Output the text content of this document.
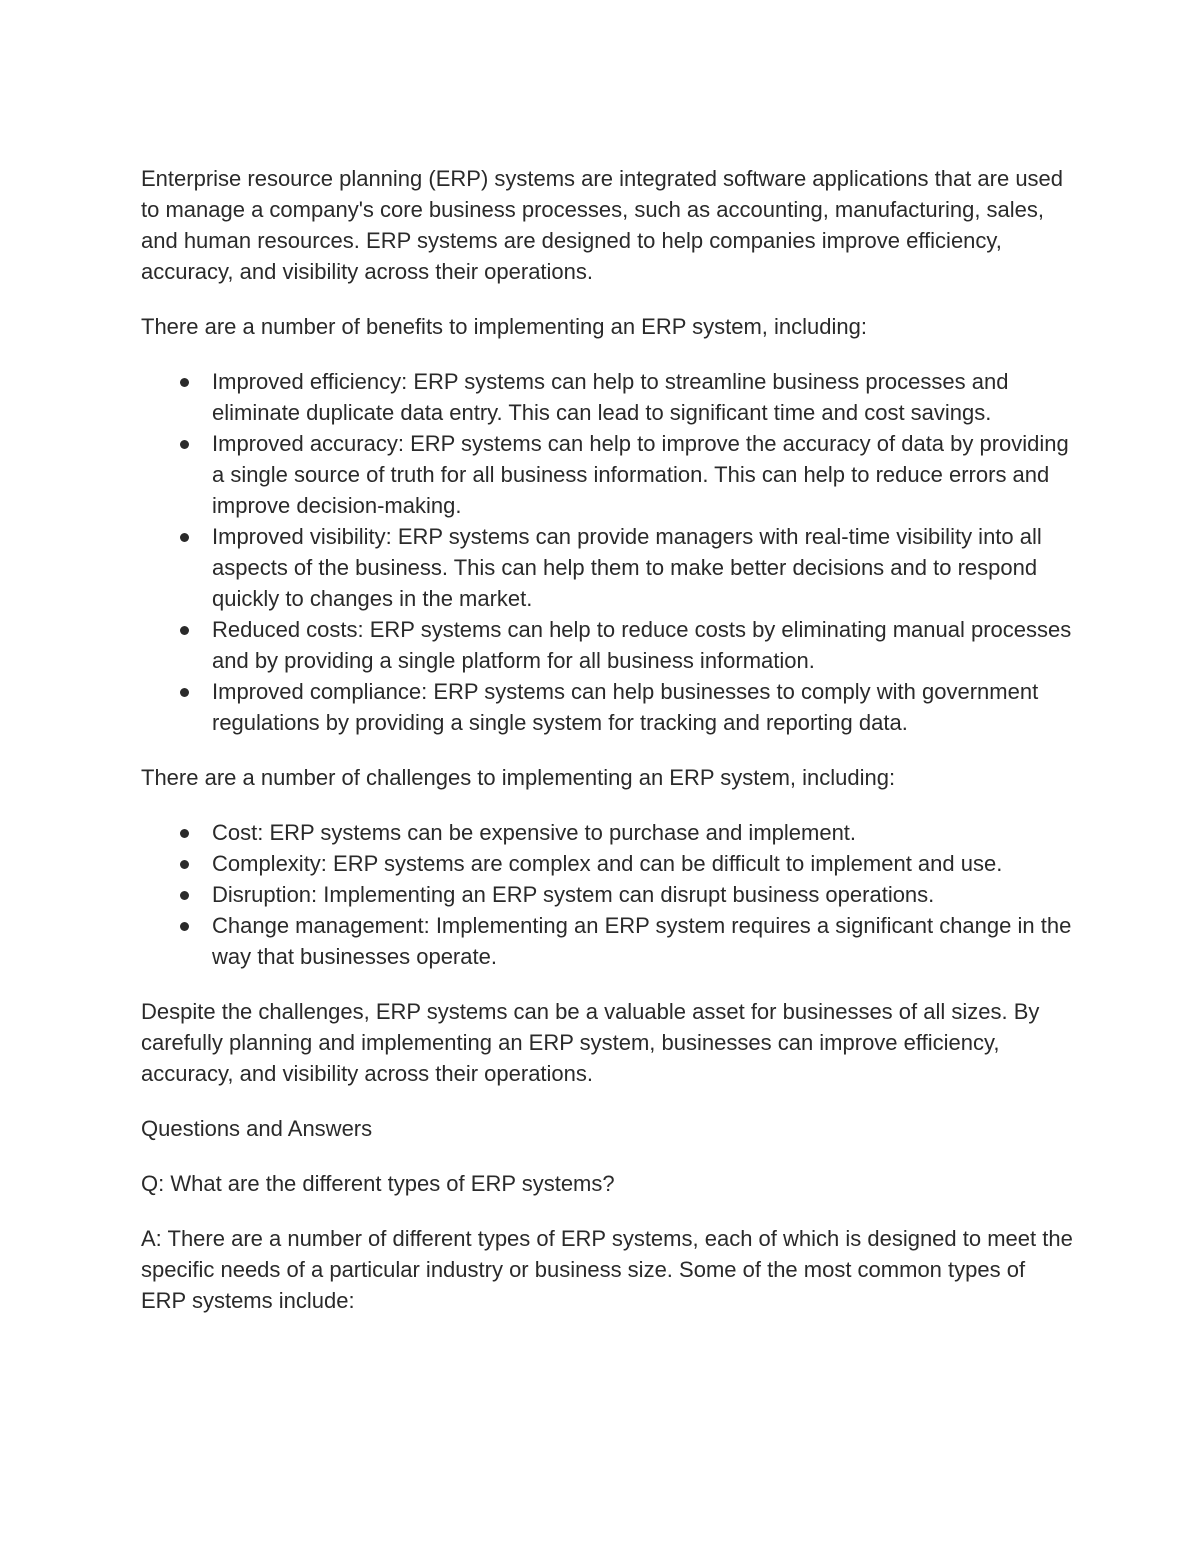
Enterprise resource planning (ERP) systems are integrated software applications that are used to manage a company's core business processes, such as accounting, manufacturing, sales, and human resources. ERP systems are designed to help companies improve efficiency, accuracy, and visibility across their operations.

There are a number of benefits to implementing an ERP system, including:

Improved efficiency: ERP systems can help to streamline business processes and eliminate duplicate data entry. This can lead to significant time and cost savings.
Improved accuracy: ERP systems can help to improve the accuracy of data by providing a single source of truth for all business information. This can help to reduce errors and improve decision-making.
Improved visibility: ERP systems can provide managers with real-time visibility into all aspects of the business. This can help them to make better decisions and to respond quickly to changes in the market.
Reduced costs: ERP systems can help to reduce costs by eliminating manual processes and by providing a single platform for all business information.
Improved compliance: ERP systems can help businesses to comply with government regulations by providing a single system for tracking and reporting data.

There are a number of challenges to implementing an ERP system, including:

Cost: ERP systems can be expensive to purchase and implement.
Complexity: ERP systems are complex and can be difficult to implement and use.
Disruption: Implementing an ERP system can disrupt business operations.
Change management: Implementing an ERP system requires a significant change in the way that businesses operate.

Despite the challenges, ERP systems can be a valuable asset for businesses of all sizes. By carefully planning and implementing an ERP system, businesses can improve efficiency, accuracy, and visibility across their operations.

Questions and Answers

Q: What are the different types of ERP systems?

A: There are a number of different types of ERP systems, each of which is designed to meet the specific needs of a particular industry or business size. Some of the most common types of ERP systems include:
